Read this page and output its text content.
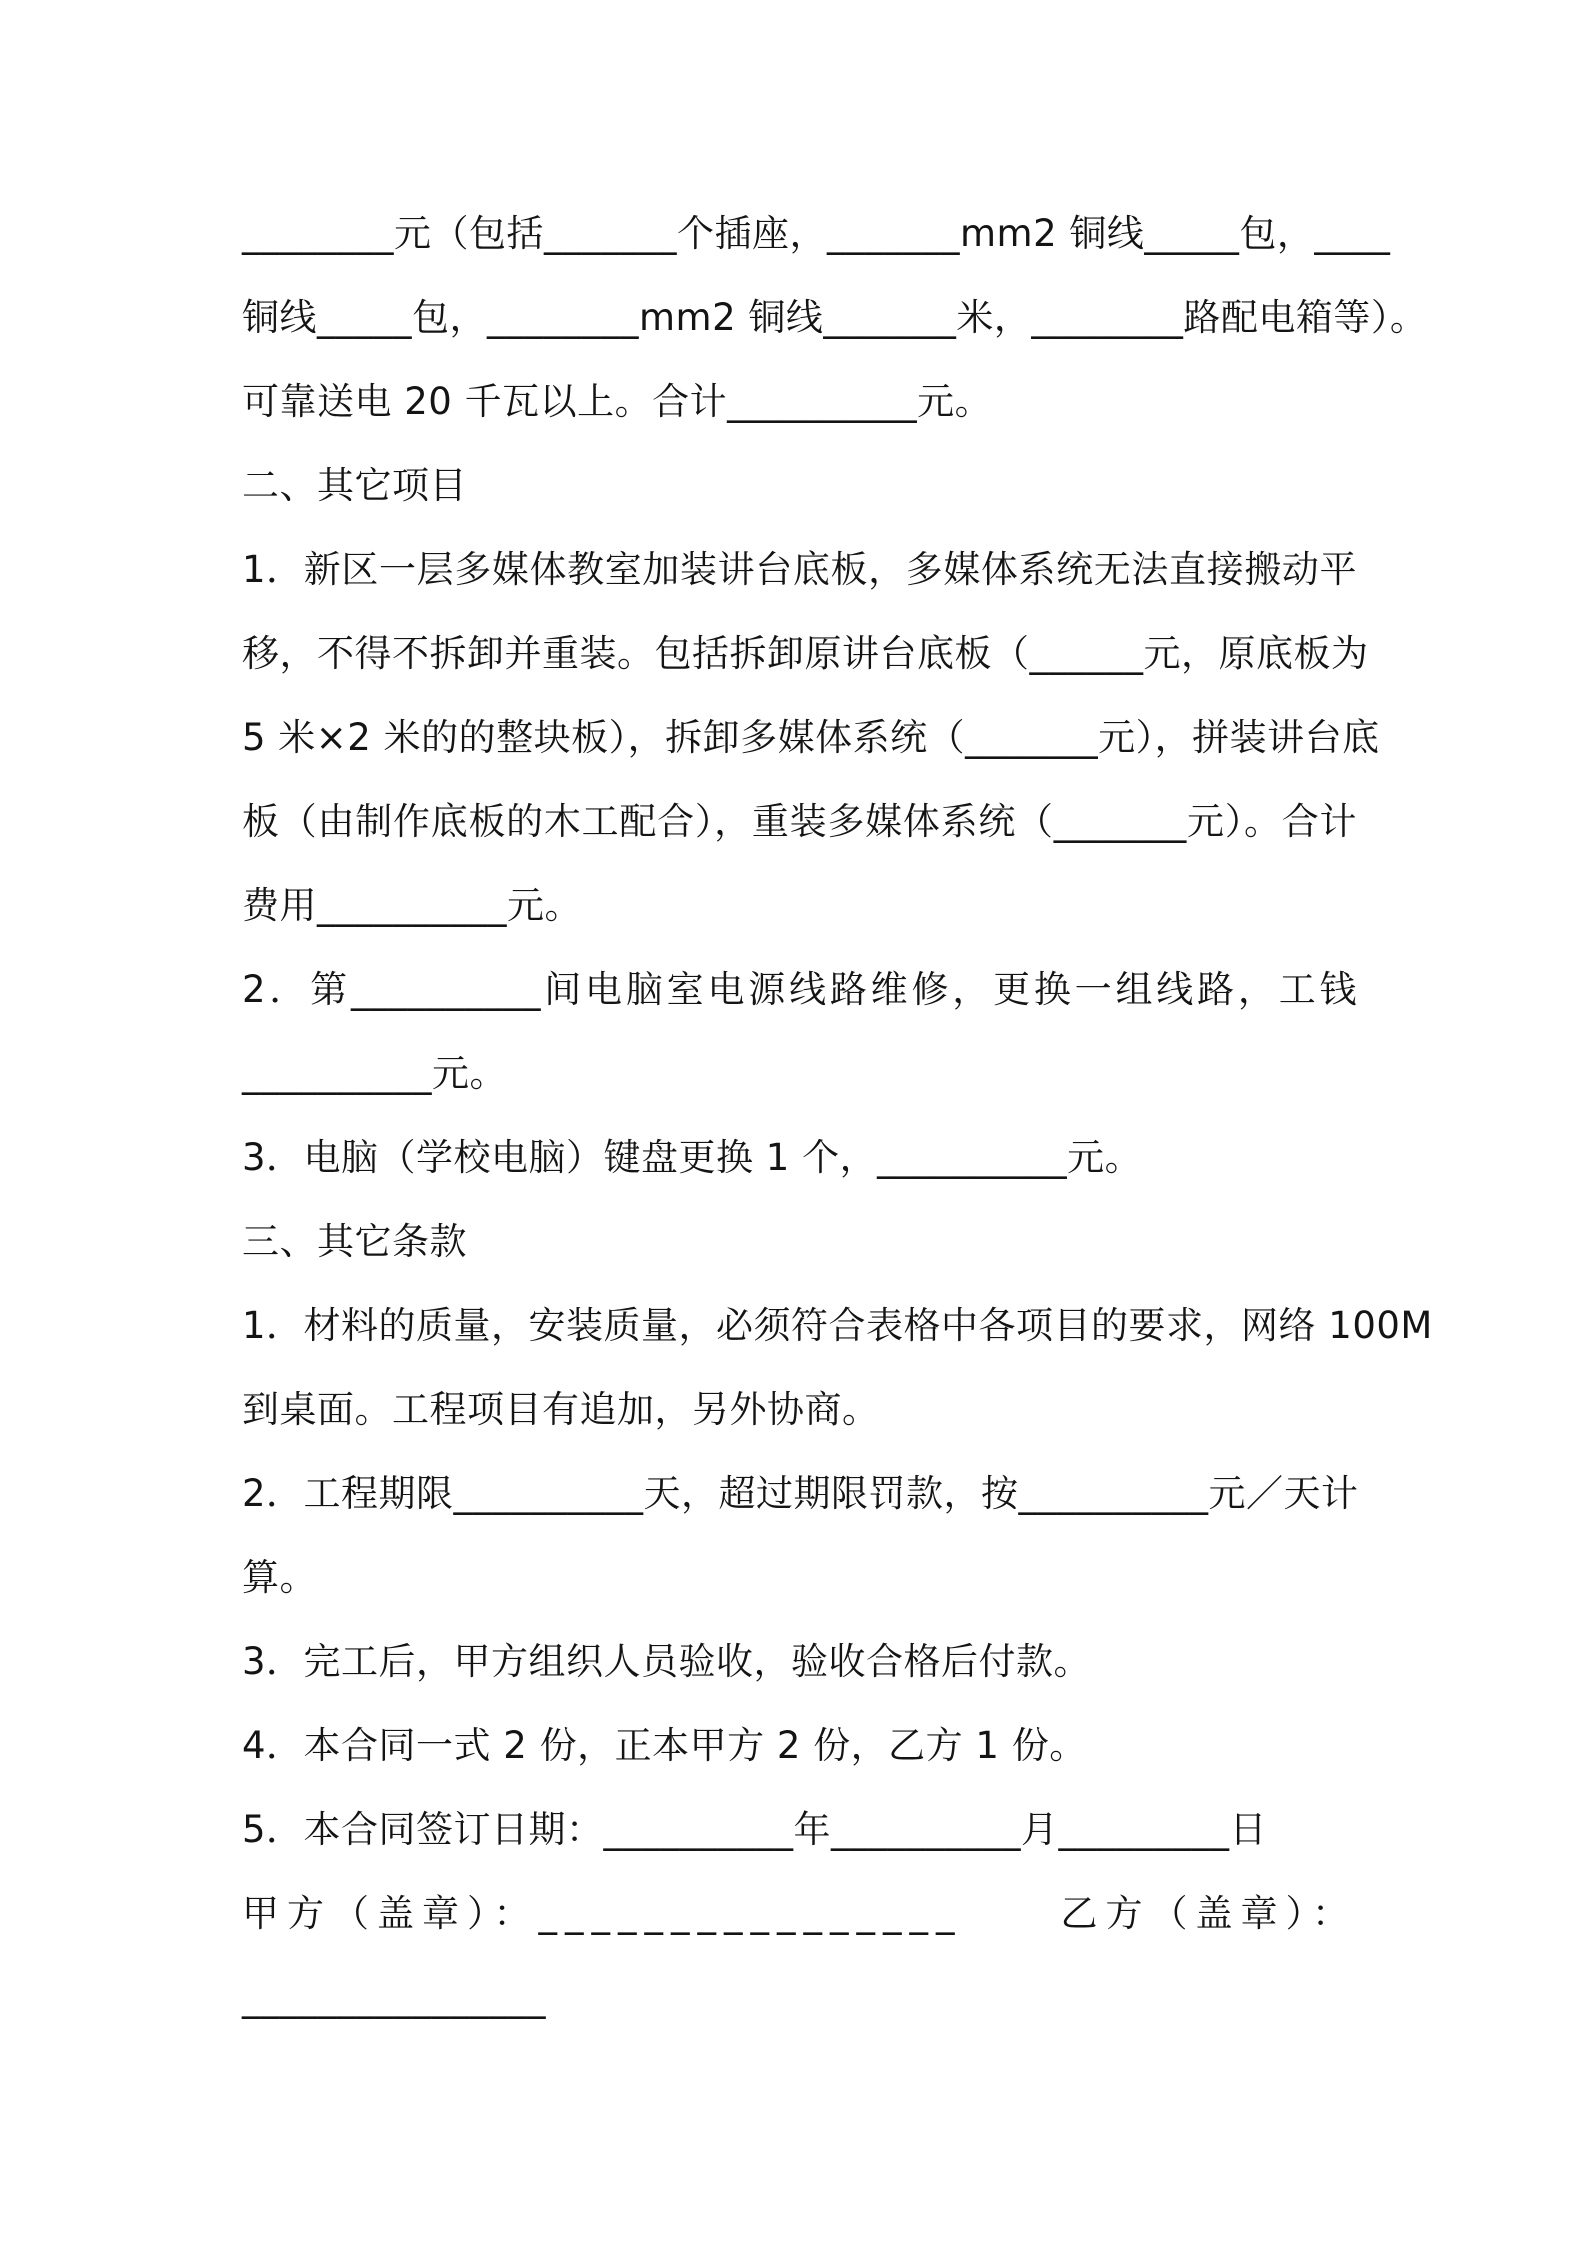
________元（包括_______个插座，_______mm2 铜线_____包，____
铜线_____包，________mm2 铜线_______米，________路配电箱等）。
可靠送电 20 千瓦以上。合计__________元。
二、其它项目
1．新区一层多媒体教室加装讲台底板，多媒体系统无法直接搬动平
移，不得不拆卸并重装。包括拆卸原讲台底板（______元，原底板为
5 米×2 米的的整块板），拆卸多媒体系统（_______元），拼装讲台底
板（由制作底板的木工配合），重装多媒体系统（_______元）。合计
费用__________元。
2．第__________间电脑室电源线路维修，更换一组线路，工钱
__________元。
3．电脑（学校电脑）键盘更换 1 个，__________元。
三、其它条款
1．材料的质量，安装质量，必须符合表格中各项目的要求，网络 100M
到桌面。工程项目有追加，另外协商。
2．工程期限__________天，超过期限罚款，按__________元／天计
算。
3．完工后，甲方组织人员验收，验收合格后付款。
4．本合同一式 2 份，正本甲方 2 份，乙方 1 份。
5．本合同签订日期：__________年__________月_________日
甲方（盖章）：________________	乙方（盖章）：
________________
